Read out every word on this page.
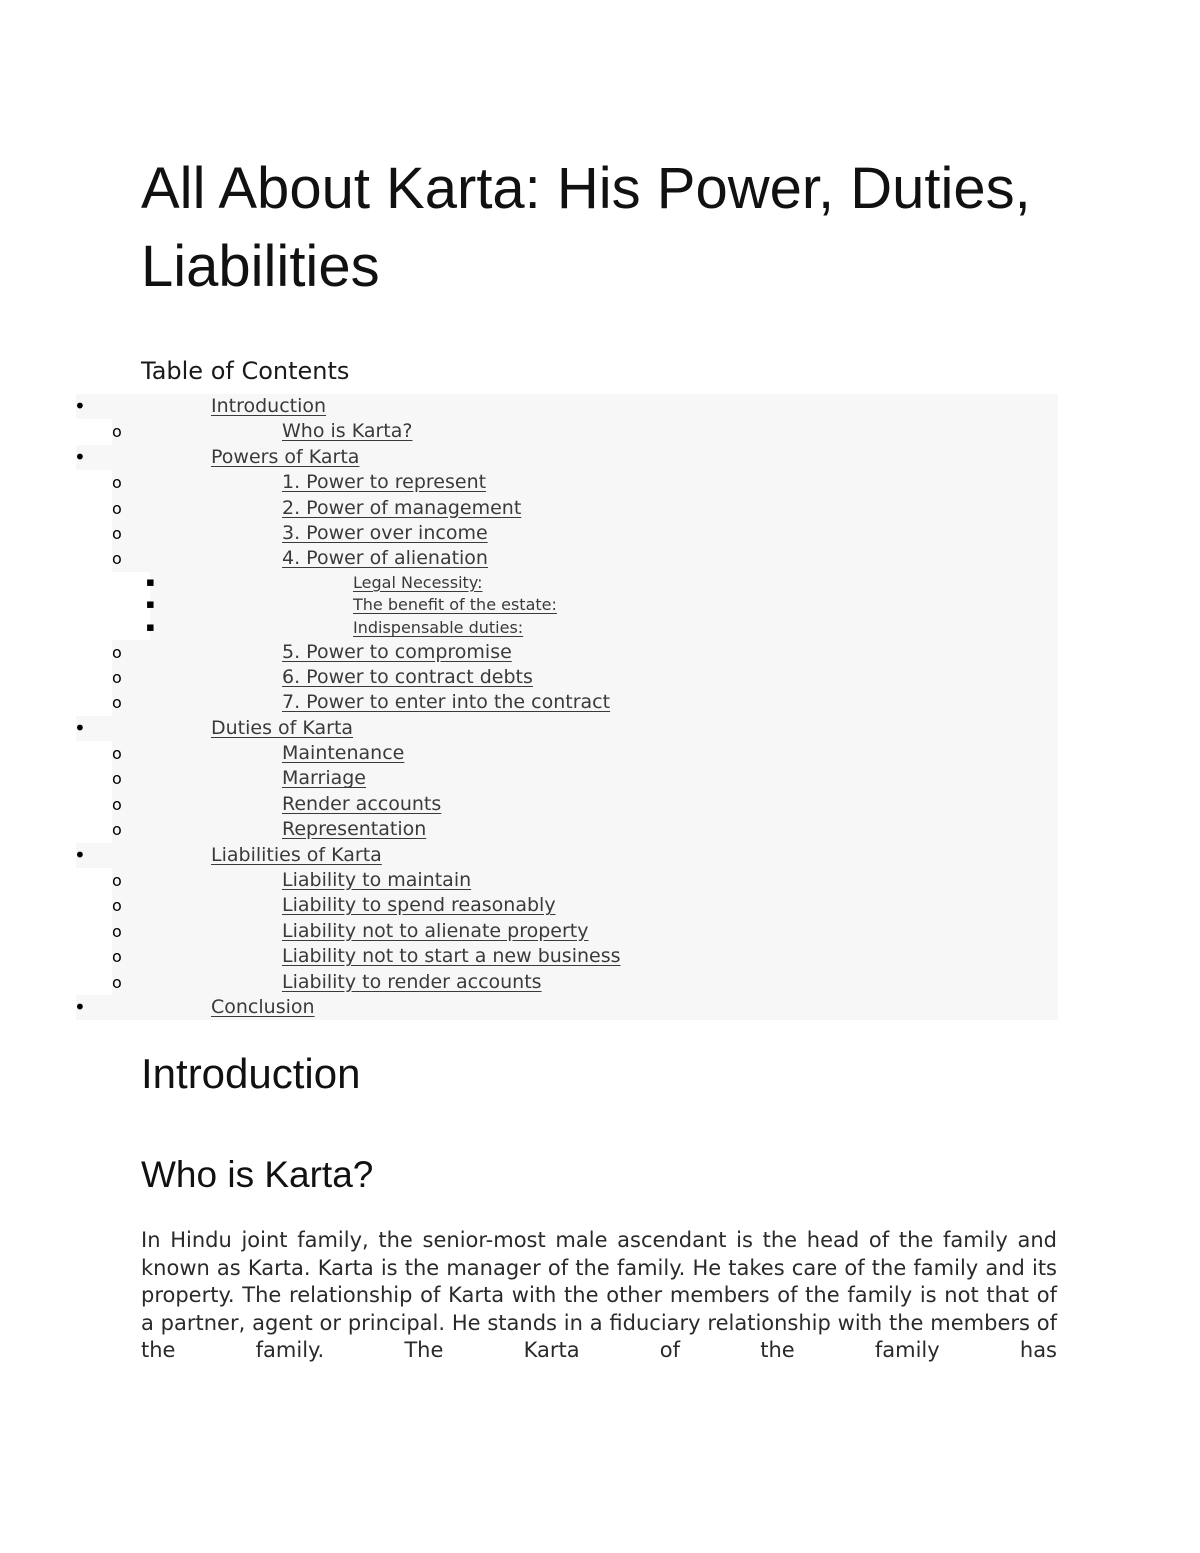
All About Karta: His Power, Duties, Liabilities
Table of Contents
•	Introduction
o	Who is Karta?
•	Powers of Karta
o	1. Power to represent
o	2. Power of management
o	3. Power over income
o	4. Power of alienation
▪	Legal Necessity:
▪	The benefit of the estate:
▪	Indispensable duties:
o	5. Power to compromise
o	6. Power to contract debts
o	7. Power to enter into the contract
•	Duties of Karta
o	Maintenance
o	Marriage
o	Render accounts
o	Representation
•	Liabilities of Karta
o	Liability to maintain
o	Liability to spend reasonably
o	Liability not to alienate property
o	Liability not to start a new business
o	Liability to render accounts
•	Conclusion
Introduction
Who is Karta?

In Hindu joint family, the senior-most male ascendant is the head of the family and known as Karta. Karta is the manager of the family. He takes care of the family and its property. The relationship of Karta with the other members of the family is not that of a partner, agent or principal. He stands in a fiduciary relationship with the members of the family. The Karta of the family has
